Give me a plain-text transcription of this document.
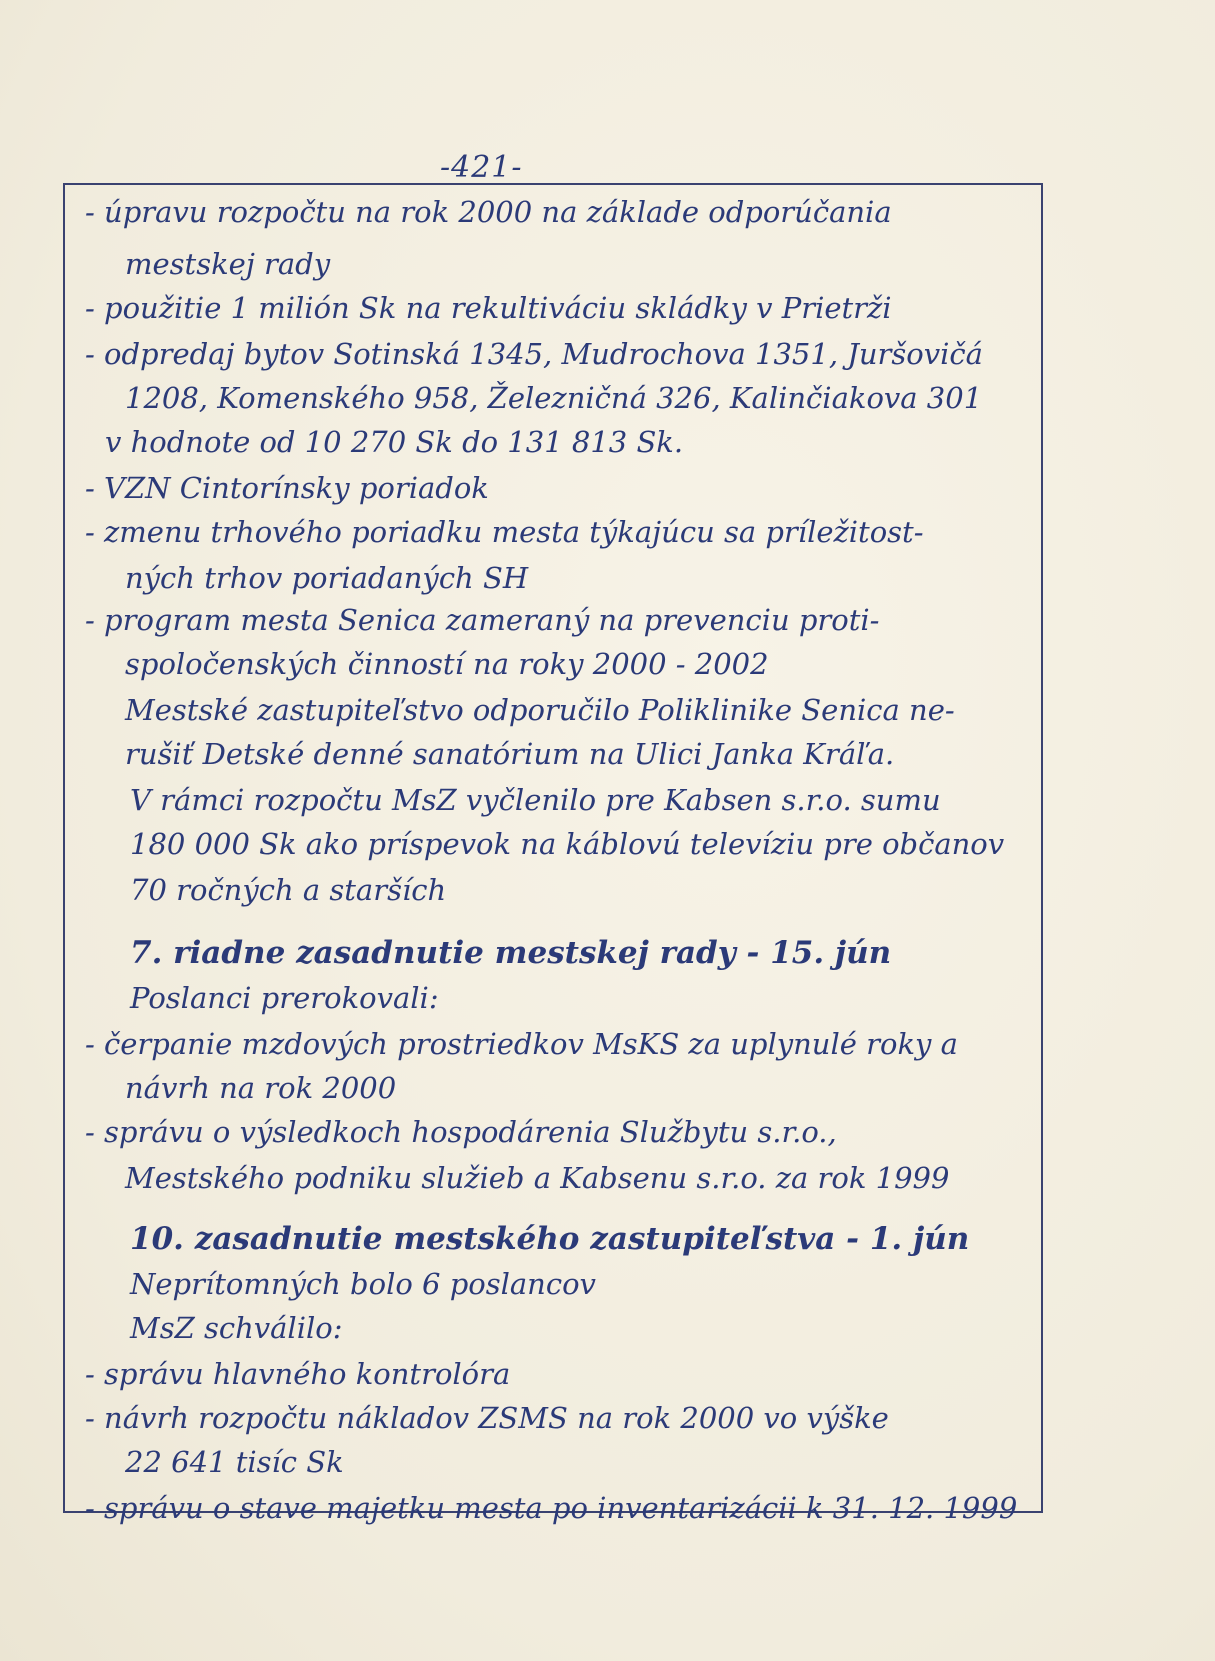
-421-
- úpravu rozpočtu na rok 2000 na základe odporúčania
mestskej rady
- použitie 1 milión Sk na rekultiváciu skládky v Prietrži
- odpredaj bytov Sotinská 1345, Mudrochova 1351, Juršovičá
1208, Komenského 958, Železničná 326, Kalinčiakova 301
v hodnote od 10 270 Sk do 131 813 Sk.
- VZN Cintorínsky poriadok
- zmenu trhového poriadku mesta týkajúcu sa príležitost-
ných trhov poriadaných SH
- program mesta Senica zameraný na prevenciu proti-
spoločenských činností na roky 2000 - 2002
Mestské zastupiteľstvo odporučilo Poliklinike Senica ne-
rušiť Detské denné sanatórium na Ulici Janka Kráľa.
V rámci rozpočtu MsZ vyčlenilo pre Kabsen s.r.o. sumu
180 000 Sk ako príspevok na káblovú televíziu pre občanov
70 ročných a starších
7. riadne zasadnutie mestskej rady - 15. jún
Poslanci prerokovali:
- čerpanie mzdových prostriedkov MsKS za uplynulé roky a
návrh na rok 2000
- správu o výsledkoch hospodárenia Službytu s.r.o.,
Mestského podniku služieb a Kabsenu s.r.o. za rok 1999
10. zasadnutie mestského zastupiteľstva - 1. jún
Neprítomných bolo 6 poslancov
MsZ schválilo:
- správu hlavného kontrolóra
- návrh rozpočtu nákladov ZSMS na rok 2000 vo výške
22 641 tisíc Sk
- správu o stave majetku mesta po inventarizácii k 31. 12. 1999
